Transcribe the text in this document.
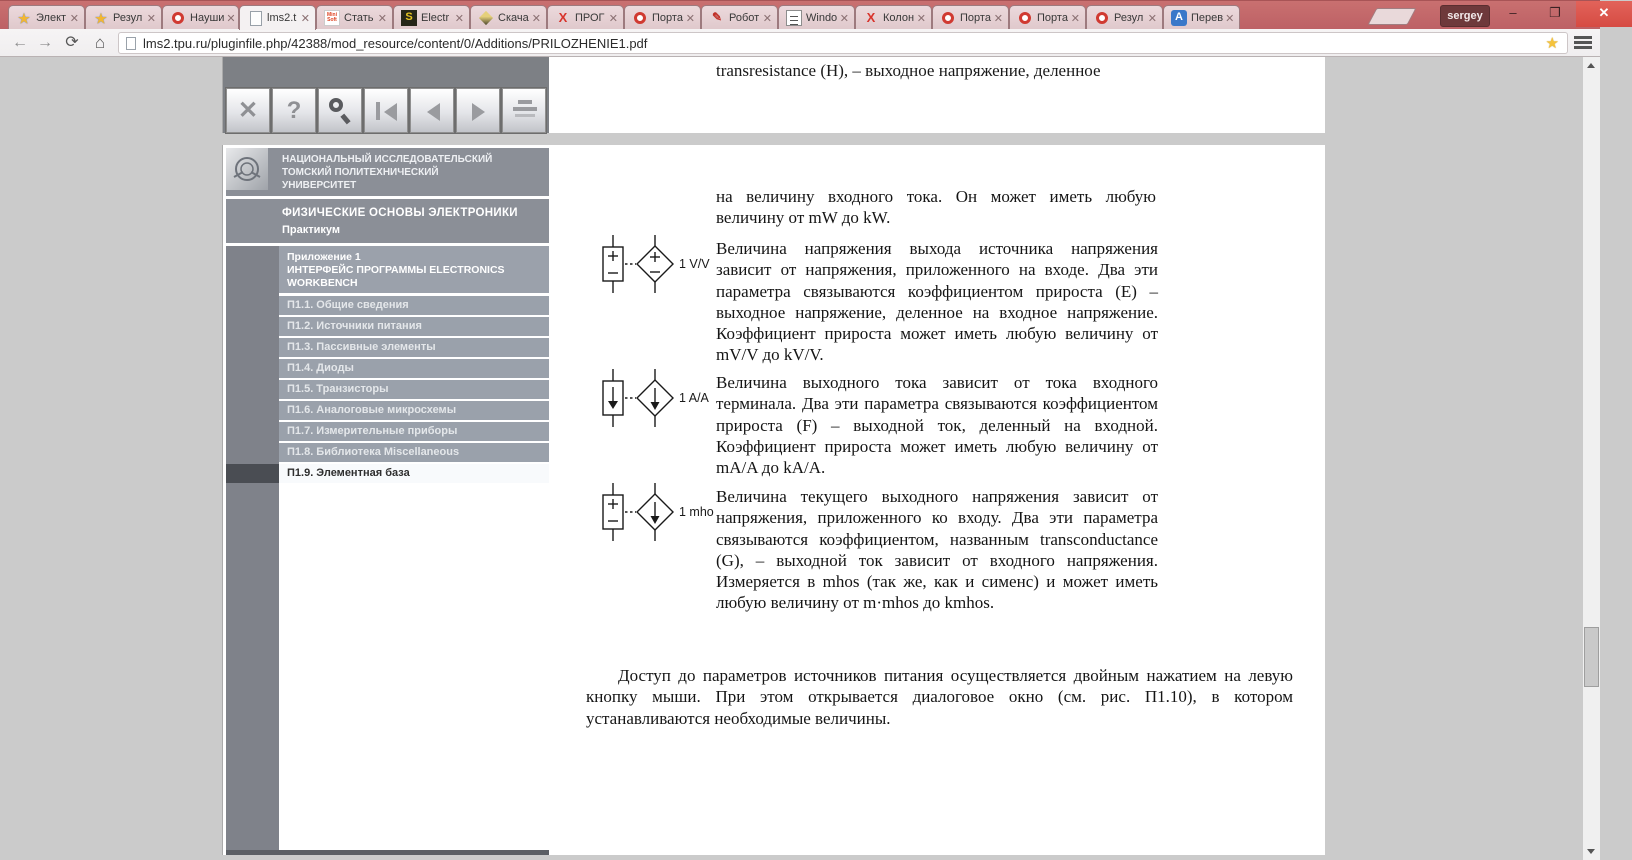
★
Элект ✕ ★	Резул ✕	Науши ✕	lms2.t ✕ Mini Soft	Стать ✕ S	Electr ✕	Скача ✕ X	ПРОГ ✕	Порта ✕ ✎	Робот ✕	Windo ✕ X	Колон ✕	Порта ✕	Порта ✕	Резул ✕ A	Перев ✕	sergey	–	❐	✕
← → ⟳ ⌂	lms2.tpu.ru/pluginfile.php/42388/mod_resource/content/0/Additions/PRILOZHENIE1.pdf	★
transresistance (H), – выходное напряжение, деленное
✕	?
НАЦИОНАЛЬНЫЙ ИССЛЕДОВАТЕЛЬСКИЙ
ТОМСКИЙ ПОЛИТЕХНИЧЕСКИЙ
УНИВЕРСИТЕТ
ФИЗИЧЕСКИЕ ОСНОВЫ ЭЛЕКТРОНИКИ
Практикум
Приложение 1
ИНТЕРФЕЙС ПРОГРАММЫ ELECTRONICS WORKBENCH
П1.1. Общие сведения
П1.2. Источники питания
П1.3. Пассивные элементы
П1.4. Диоды
П1.5. Транзисторы
П1.6. Аналоговые микросхемы
П1.7. Измерительные приборы
П1.8. Библиотека Miscellaneous
П1.9. Элементная база
на величину входного тока. Он может иметь любую величину от mW до kW.
1 V/V
Величина напряжения выхода источника напряжения зависит от напряжения, приложенного на входе. Два эти параметра связываются коэффициентом прироста (E) – выходное напряжение, деленное на входное напряжение. Коэффициент прироста может иметь любую величину от mV/V до kV/V.
1 A/A
Величина выходного тока зависит от тока входного терминала. Два эти параметра связываются коэффициентом прироста (F) – выходной ток, деленный на входной. Коэффициент прироста может иметь любую величину от mA/A до kA/A.
1 mho
Величина текущего выходного напряжения зависит от напряжения, приложенного ко входу. Два эти параметра связываются коэффициентом, названным transconductance (G), – выходной ток зависит от входного напряжения. Измеряется в mhos (так же, как и сименс) и может иметь любую величину от m·mhos до kmhos.
Доступ до параметров источников питания осуществляется двойным нажатием на левую кнопку мыши. При этом открывается диалоговое окно (см. рис. П1.10), в котором устанавливаются необходимые величины.
